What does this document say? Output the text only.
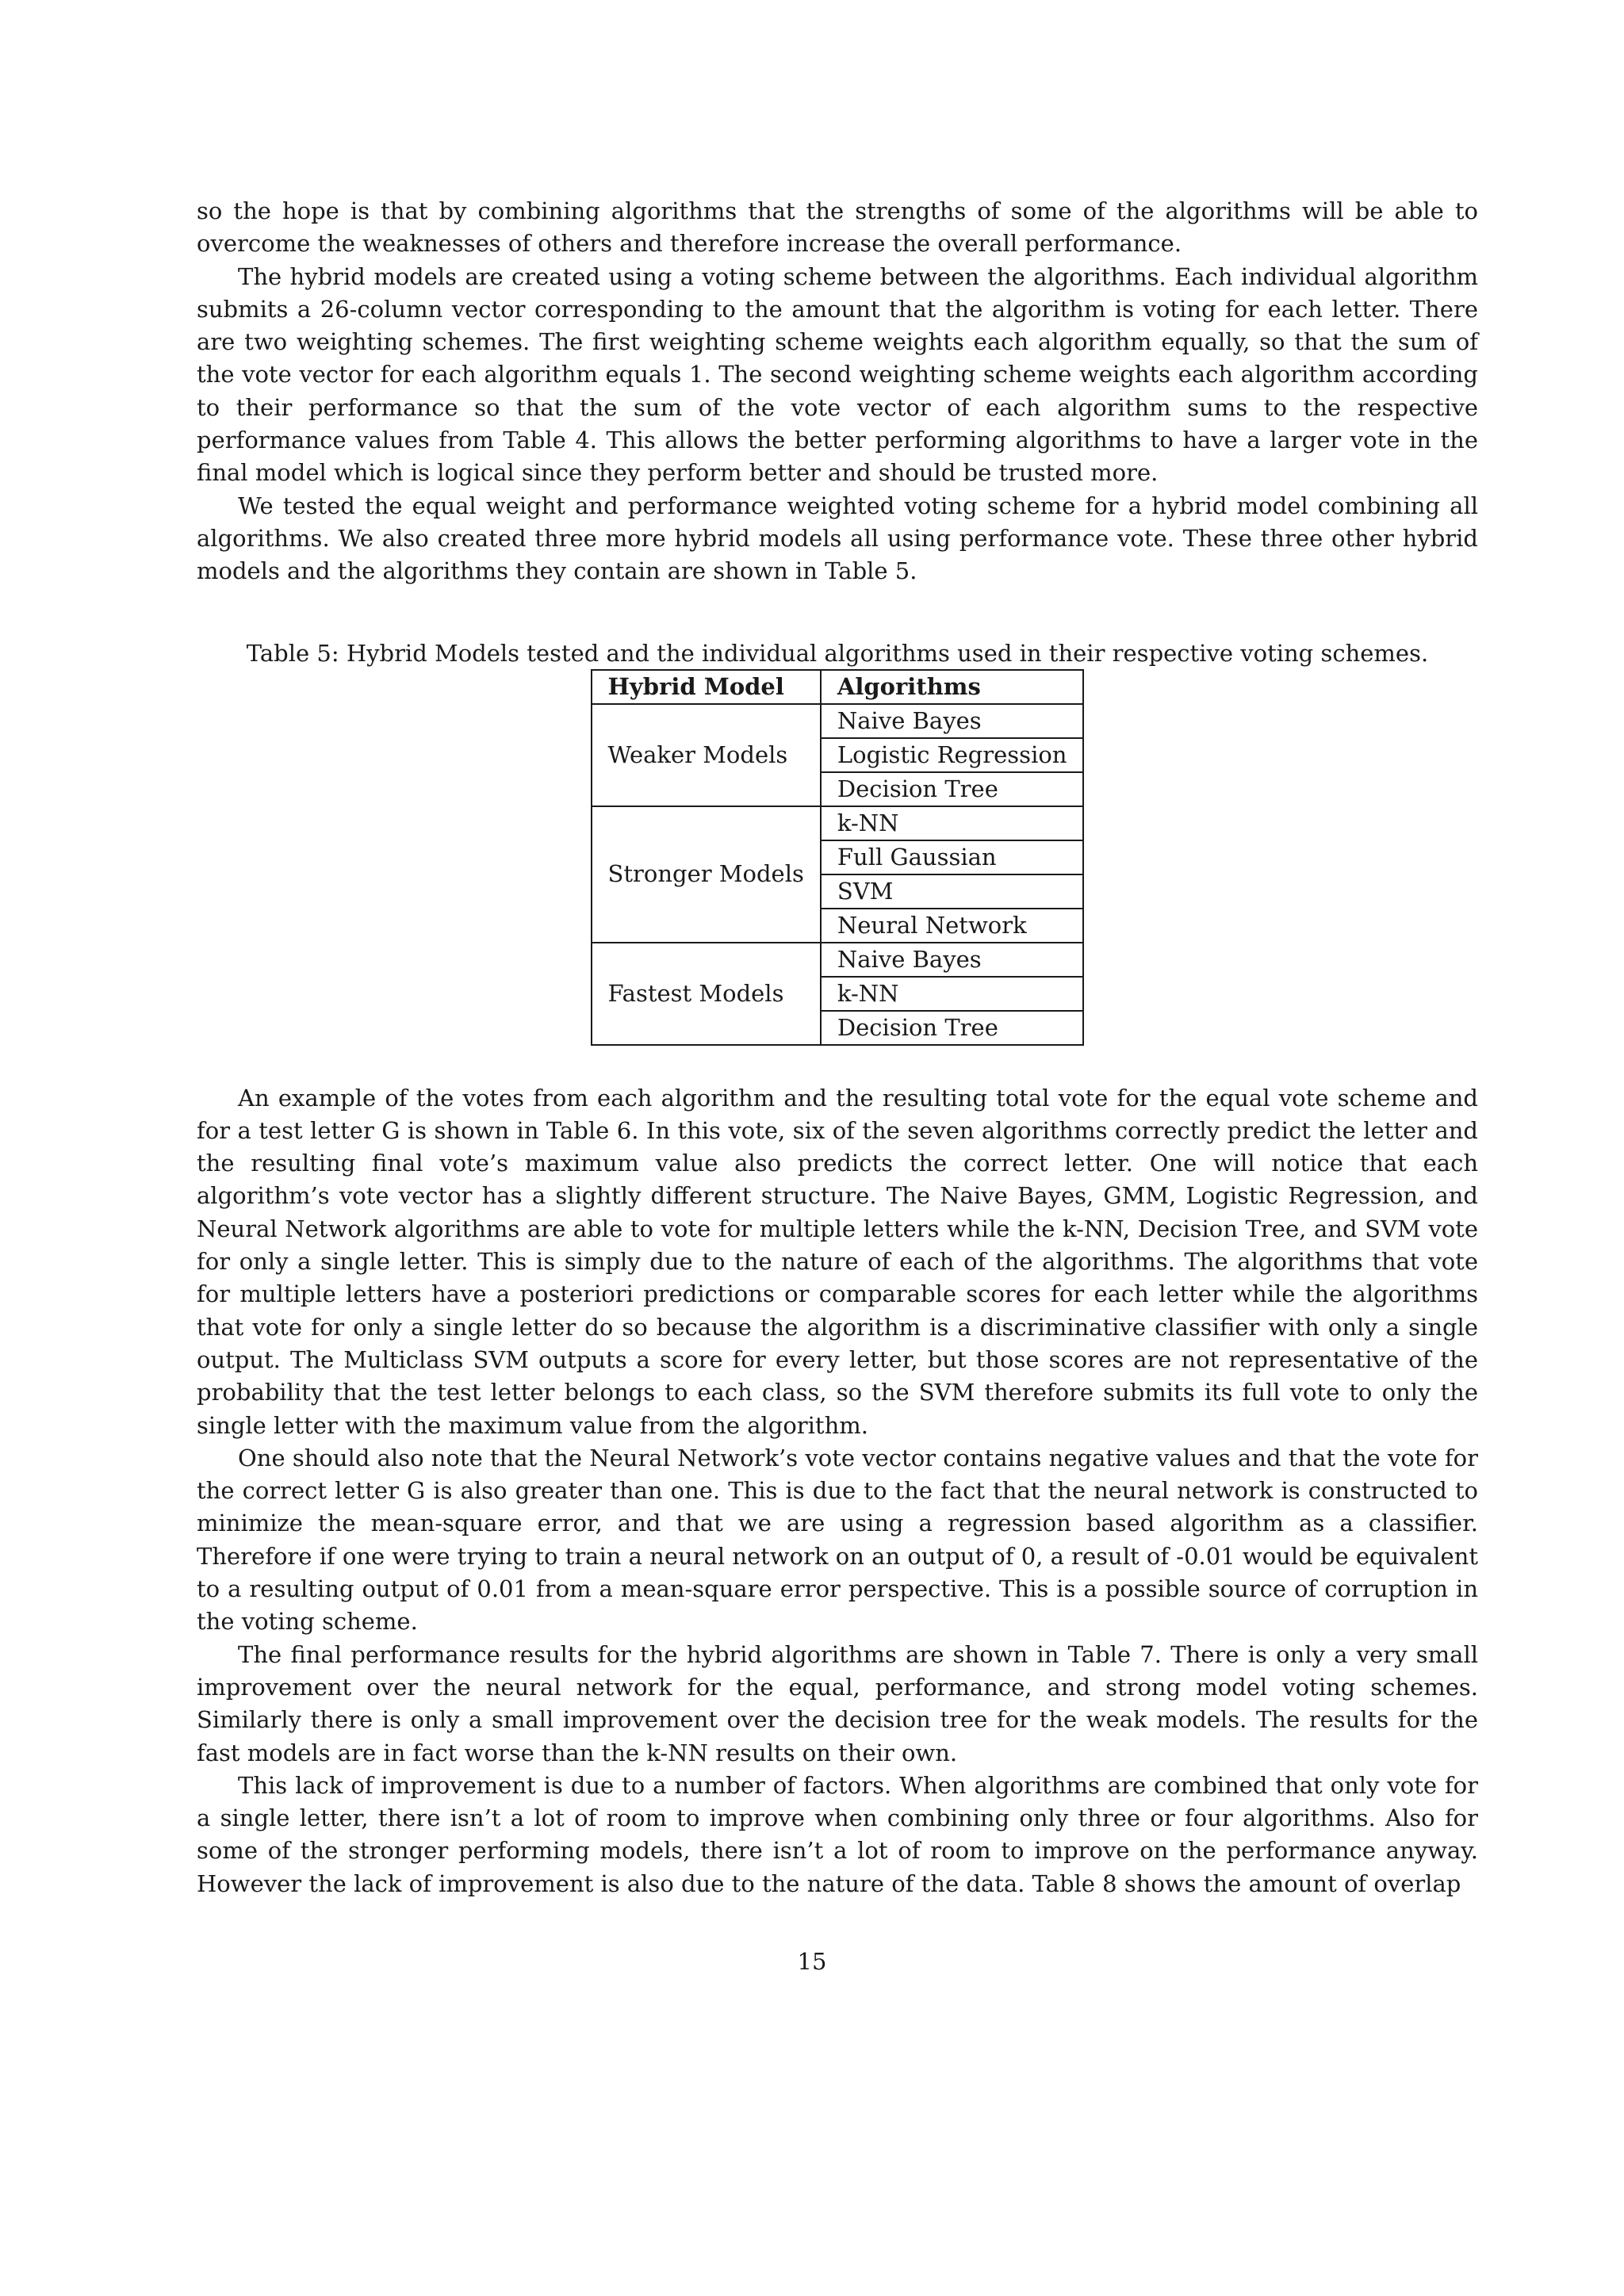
so the hope is that by combining algorithms that the strengths of some of the algorithms will be able to overcome the weaknesses of others and therefore increase the overall performance.

The hybrid models are created using a voting scheme between the algorithms. Each individual algorithm submits a 26-column vector corresponding to the amount that the algorithm is voting for each letter. There are two weighting schemes. The first weighting scheme weights each algorithm equally, so that the sum of the vote vector for each algorithm equals 1. The second weighting scheme weights each algorithm according to their performance so that the sum of the vote vector of each algorithm sums to the respective performance values from Table 4. This allows the better performing algorithms to have a larger vote in the final model which is logical since they perform better and should be trusted more.

We tested the equal weight and performance weighted voting scheme for a hybrid model combining all algorithms. We also created three more hybrid models all using performance vote. These three other hybrid models and the algorithms they contain are shown in Table 5.

Table 5: Hybrid Models tested and the individual algorithms used in their respective voting schemes.

Hybrid Model	Algorithms
Weaker Models	Naive Bayes
	Logistic Regression
	Decision Tree
Stronger Models	k-NN
	Full Gaussian
	SVM
	Neural Network
Fastest Models	Naive Bayes
	k-NN
	Decision Tree

An example of the votes from each algorithm and the resulting total vote for the equal vote scheme and for a test letter G is shown in Table 6. In this vote, six of the seven algorithms correctly predict the letter and the resulting final vote’s maximum value also predicts the correct letter. One will notice that each algorithm’s vote vector has a slightly different structure. The Naive Bayes, GMM, Logistic Regression, and Neural Network algorithms are able to vote for multiple letters while the k-NN, Decision Tree, and SVM vote for only a single letter. This is simply due to the nature of each of the algorithms. The algorithms that vote for multiple letters have a posteriori predictions or comparable scores for each letter while the algorithms that vote for only a single letter do so because the algorithm is a discriminative classifier with only a single output. The Multiclass SVM outputs a score for every letter, but those scores are not representative of the probability that the test letter belongs to each class, so the SVM therefore submits its full vote to only the single letter with the maximum value from the algorithm.

One should also note that the Neural Network’s vote vector contains negative values and that the vote for the correct letter G is also greater than one. This is due to the fact that the neural network is constructed to minimize the mean-square error, and that we are using a regression based algorithm as a classifier. Therefore if one were trying to train a neural network on an output of 0, a result of -0.01 would be equivalent to a resulting output of 0.01 from a mean-square error perspective. This is a possible source of corruption in the voting scheme.

The final performance results for the hybrid algorithms are shown in Table 7. There is only a very small improvement over the neural network for the equal, performance, and strong model voting schemes. Similarly there is only a small improvement over the decision tree for the weak models. The results for the fast models are in fact worse than the k-NN results on their own.

This lack of improvement is due to a number of factors. When algorithms are combined that only vote for a single letter, there isn’t a lot of room to improve when combining only three or four algorithms. Also for some of the stronger performing models, there isn’t a lot of room to improve on the performance anyway. However the lack of improvement is also due to the nature of the data. Table 8 shows the amount of overlap

15
